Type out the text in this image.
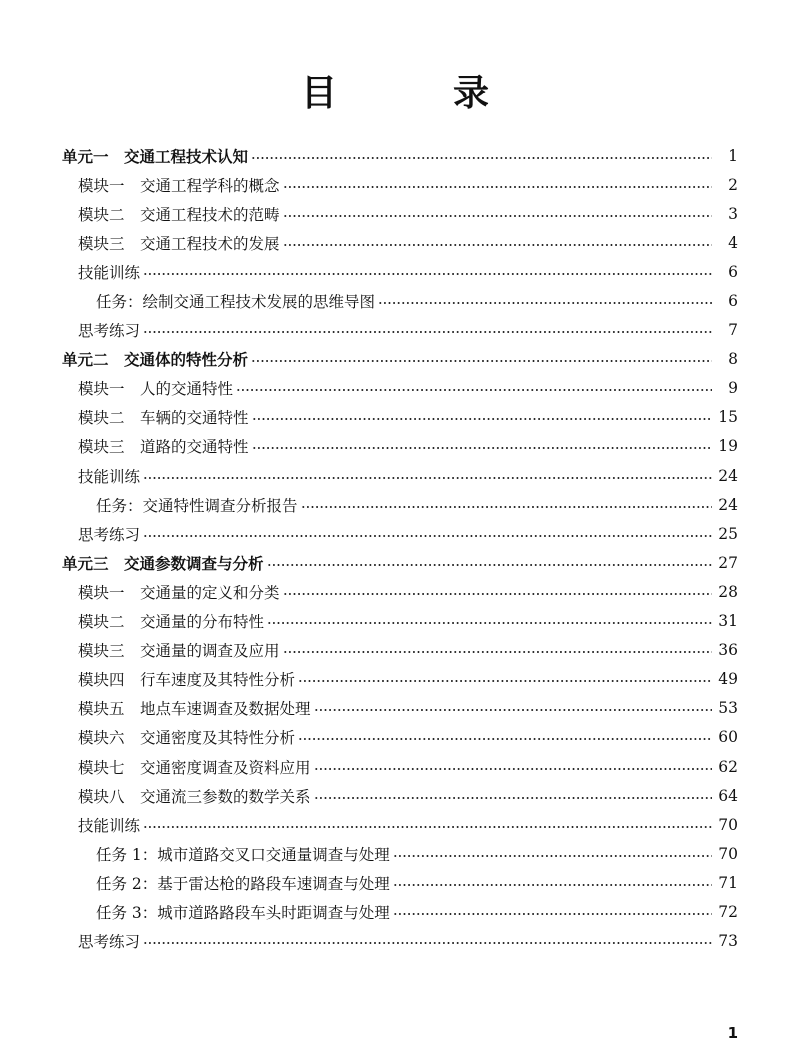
目　录
单元一　交通工程技术认知	1
模块一　交通工程学科的概念	2
模块二　交通工程技术的范畴	3
模块三　交通工程技术的发展	4
技能训练	6
任务：绘制交通工程技术发展的思维导图	6
思考练习	7
单元二　交通体的特性分析	8
模块一　人的交通特性	9
模块二　车辆的交通特性	15
模块三　道路的交通特性	19
技能训练	24
任务：交通特性调查分析报告	24
思考练习	25
单元三　交通参数调查与分析	27
模块一　交通量的定义和分类	28
模块二　交通量的分布特性	31
模块三　交通量的调查及应用	36
模块四　行车速度及其特性分析	49
模块五　地点车速调查及数据处理	53
模块六　交通密度及其特性分析	60
模块七　交通密度调查及资料应用	62
模块八　交通流三参数的数学关系	64
技能训练	70
任务 1：城市道路交叉口交通量调查与处理	70
任务 2：基于雷达枪的路段车速调查与处理	71
任务 3：城市道路路段车头时距调查与处理	72
思考练习	73
1
